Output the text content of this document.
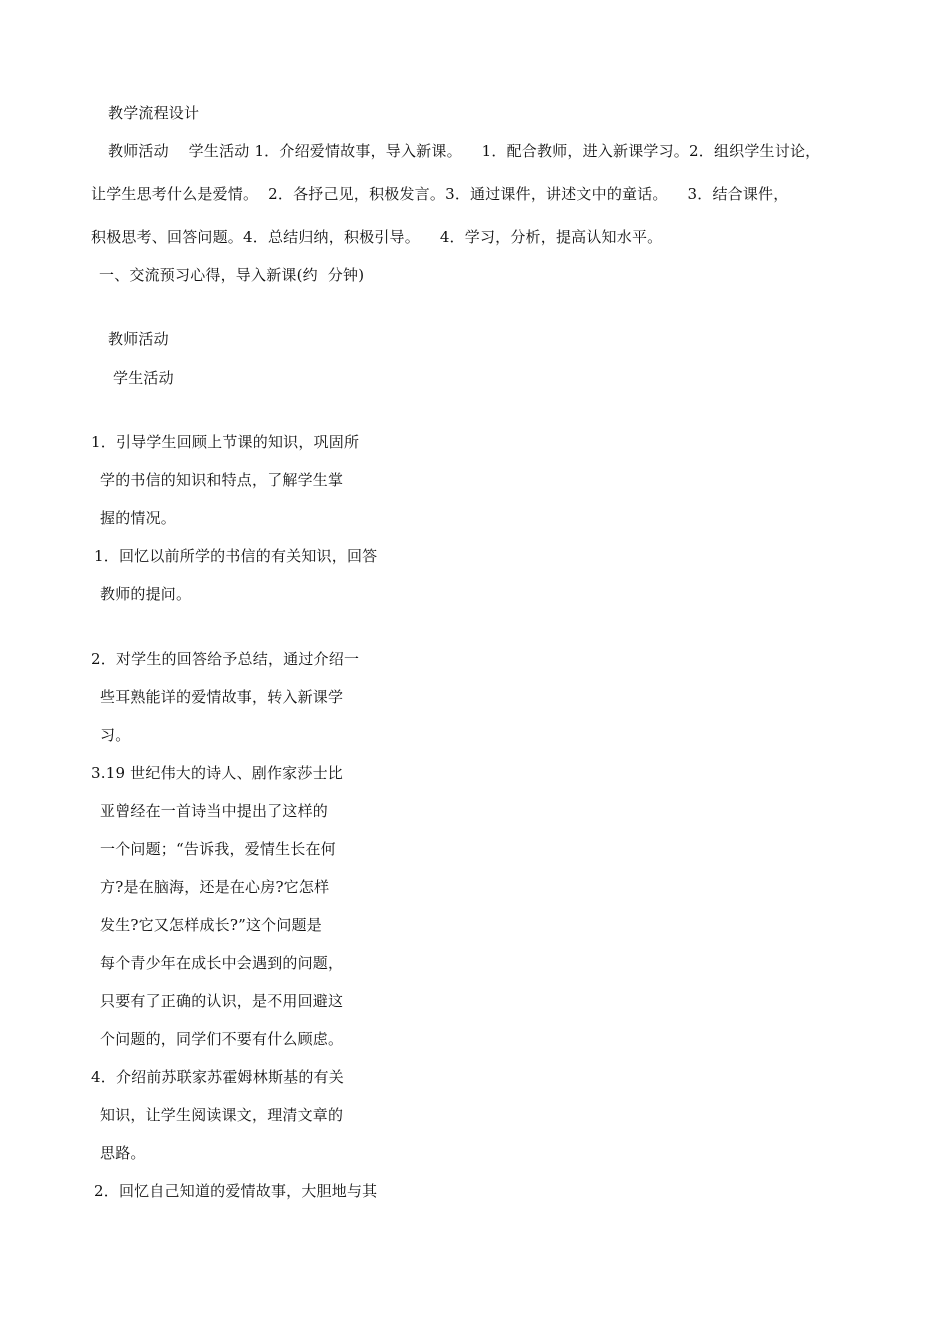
教学流程设计
教师活动    学生活动 1．介绍爱情故事，导入新课。    1．配合教师，进入新课学习。2．组织学生讨论，
让学生思考什么是爱情。  2．各抒己见，积极发言。3．通过课件，讲述文中的童话。    3．结合课件，
积极思考、回答问题。4．总结归纳，积极引导。    4．学习，分析，提高认知水平。
一、交流预习心得，导入新课(约  分钟)
教师活动
学生活动
1．引导学生回顾上节课的知识，巩固所
学的书信的知识和特点，了解学生掌
握的情况。
1．回忆以前所学的书信的有关知识，回答
教师的提问。
2．对学生的回答给予总结，通过介绍一
些耳熟能详的爱情故事，转入新课学
习。
3.19 世纪伟大的诗人、剧作家莎士比
亚曾经在一首诗当中提出了这样的
一个问题；“告诉我，爱情生长在何
方?是在脑海，还是在心房?它怎样
发生?它又怎样成长?”这个问题是
每个青少年在成长中会遇到的问题，
只要有了正确的认识，是不用回避这
个问题的，同学们不要有什么顾虑。
4．介绍前苏联家苏霍姆林斯基的有关
知识，让学生阅读课文，理清文章的
思路。
2．回忆自己知道的爱情故事，大胆地与其
